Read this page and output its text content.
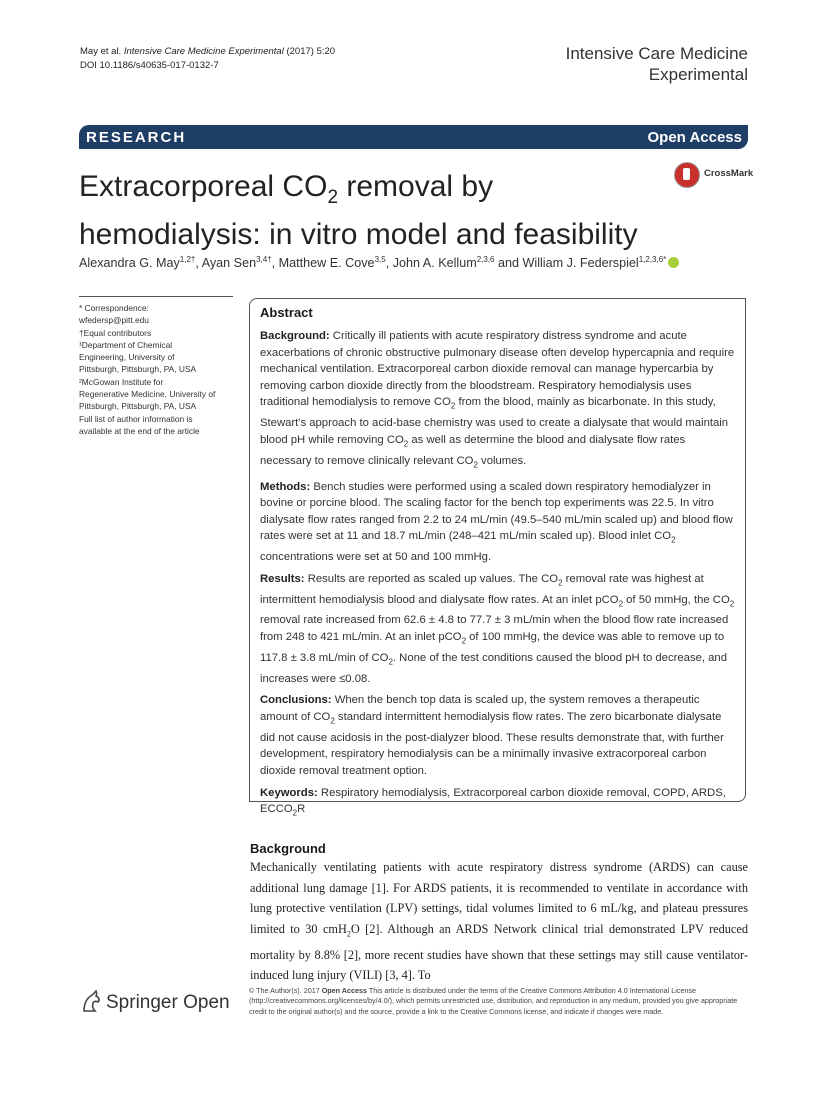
May et al. Intensive Care Medicine Experimental (2017) 5:20
DOI 10.1186/s40635-017-0132-7
Intensive Care Medicine
Experimental
RESEARCH	Open Access
Extracorporeal $CO_2$ removal by
hemodialysis: in vitro model and feasibility
CrossMark
Alexandra G. May$^{1,2\dagger}$, Ayan Sen$^{3,4\dagger}$, Matthew E. Cove$^{3,5}$, John A. Kellum$^{2,3,6}$ and William J. Federspiel$^{1,2,3,6*}$
* Correspondence:
wfedersp@pitt.edu
†Equal contributors
¹Department of Chemical
Engineering, University of
Pittsburgh, Pittsburgh, PA, USA
²McGowan Institute for
Regenerative Medicine, University of
Pittsburgh, Pittsburgh, PA, USA
Full list of author information is
available at the end of the article
Abstract

Background: Critically ill patients with acute respiratory distress syndrome and acute exacerbations of chronic obstructive pulmonary disease often develop hypercapnia and require mechanical ventilation. Extracorporeal carbon dioxide removal can manage hypercarbia by removing carbon dioxide directly from the bloodstream. Respiratory hemodialysis uses traditional hemodialysis to remove $CO_2$ from the blood, mainly as bicarbonate. In this study, Stewart's approach to acid-base chemistry was used to create a dialysate that would maintain blood pH while removing $CO_2$ as well as determine the blood and dialysate flow rates necessary to remove clinically relevant $CO_2$ volumes.

Methods: Bench studies were performed using a scaled down respiratory hemodialyzer in bovine or porcine blood. The scaling factor for the bench top experiments was 22.5. In vitro dialysate flow rates ranged from 2.2 to 24 mL/min (49.5–540 mL/min scaled up) and blood flow rates were set at 11 and 18.7 mL/min (248–421 mL/min scaled up). Blood inlet $CO_2$ concentrations were set at 50 and 100 mmHg.

Results: Results are reported as scaled up values. The $CO_2$ removal rate was highest at intermittent hemodialysis blood and dialysate flow rates. At an inlet pCO$_2$ of 50 mmHg, the $CO_2$ removal rate increased from 62.6 ± 4.8 to 77.7 ± 3 mL/min when the blood flow rate increased from 248 to 421 mL/min. At an inlet pCO$_2$ of 100 mmHg, the device was able to remove up to 117.8 ± 3.8 mL/min of $CO_2$. None of the test conditions caused the blood pH to decrease, and increases were ≤0.08.

Conclusions: When the bench top data is scaled up, the system removes a therapeutic amount of $CO_2$ standard intermittent hemodialysis flow rates. The zero bicarbonate dialysate did not cause acidosis in the post-dialyzer blood. These results demonstrate that, with further development, respiratory hemodialysis can be a minimally invasive extracorporeal carbon dioxide removal treatment option.

Keywords: Respiratory hemodialysis, Extracorporeal carbon dioxide removal, COPD, ARDS, $ECCO_2R$

Background
Mechanically ventilating patients with acute respiratory distress syndrome (ARDS) can cause additional lung damage [1]. For ARDS patients, it is recommended to ventilate in accordance with lung protective ventilation (LPV) settings, tidal volumes limited to 6 mL/kg, and plateau pressures limited to 30 cmH$_2$O [2]. Although an ARDS Network clinical trial demonstrated LPV reduced mortality by 8.8% [2], more recent studies have shown that these settings may still cause ventilator-induced lung injury (VILI) [3, 4]. To
Springer Open
© The Author(s). 2017 Open Access This article is distributed under the terms of the Creative Commons Attribution 4.0 International License (http://creativecommons.org/licenses/by/4.0/), which permits unrestricted use, distribution, and reproduction in any medium, provided you give appropriate credit to the original author(s) and the source, provide a link to the Creative Commons license, and indicate if changes were made.
